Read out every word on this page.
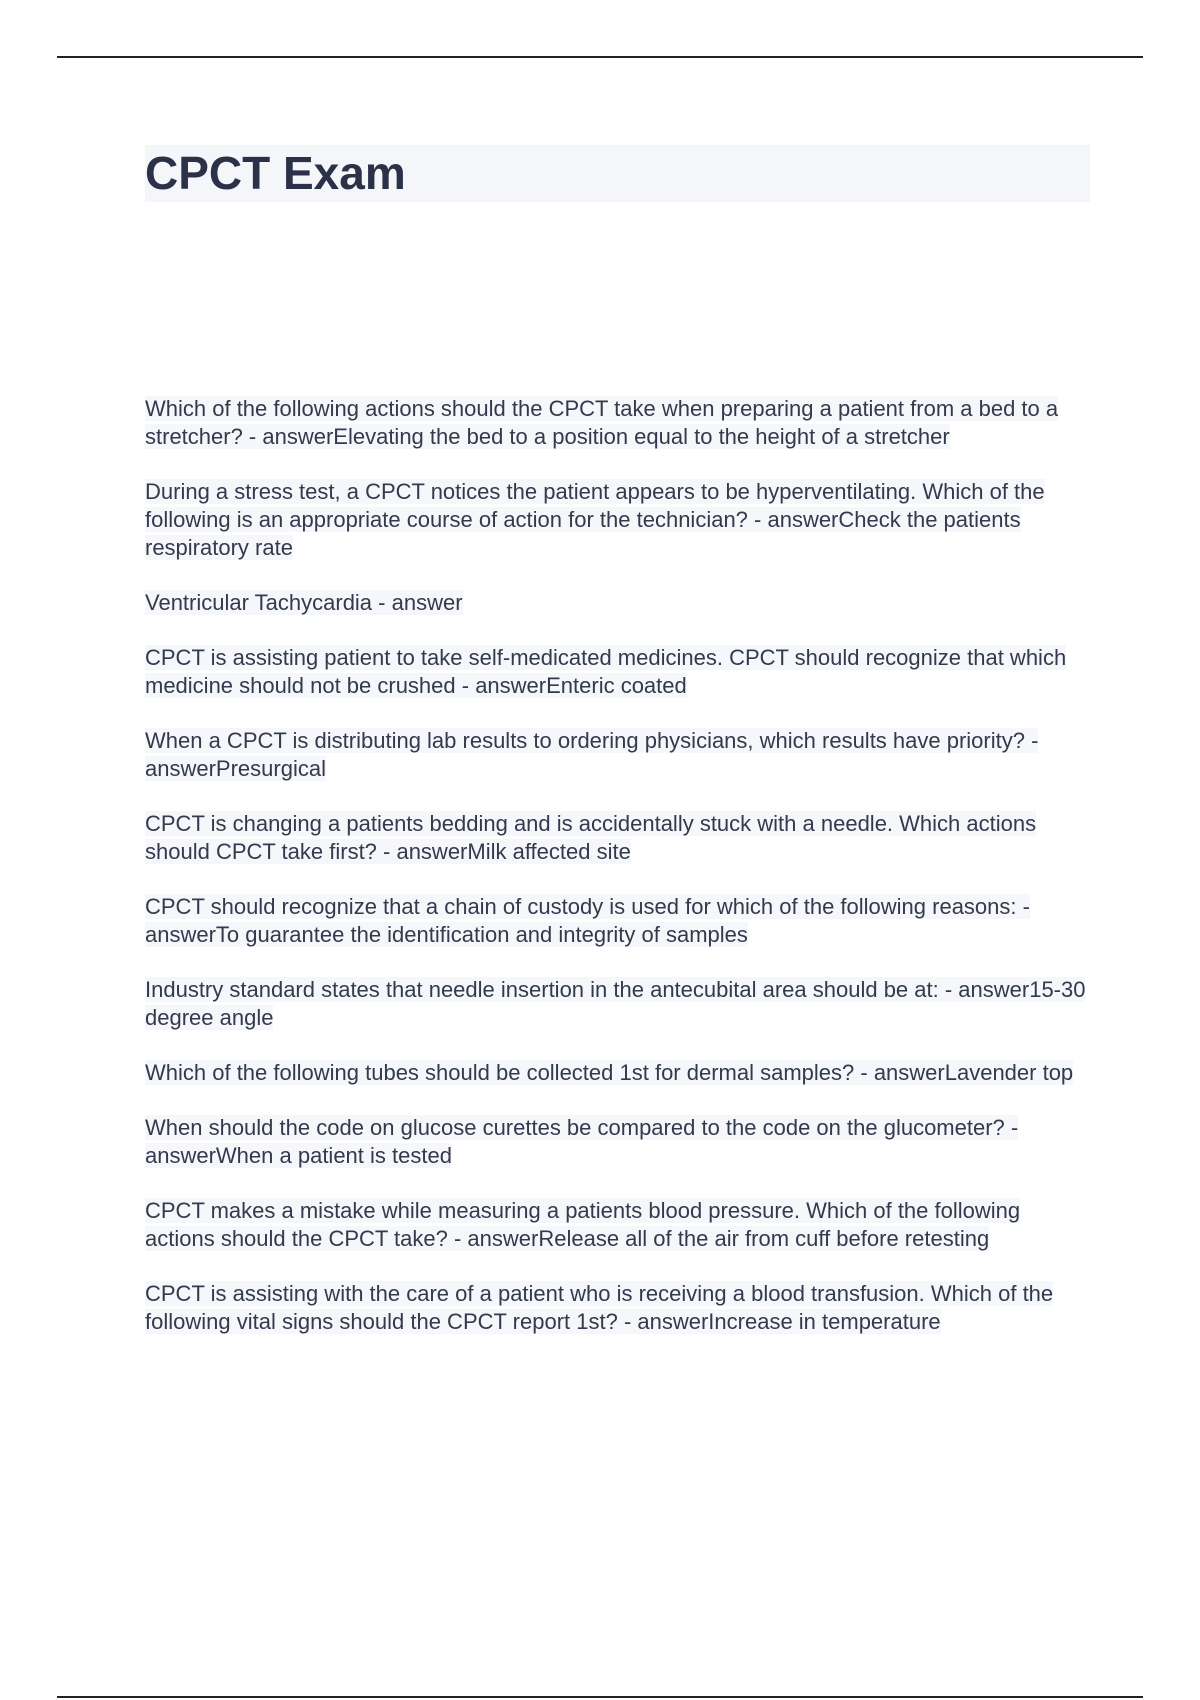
CPCT Exam
Which of the following actions should the CPCT take when preparing a patient from a bed to a stretcher? - answerElevating the bed to a position equal to the height of a stretcher
During a stress test, a CPCT notices the patient appears to be hyperventilating. Which of the following is an appropriate course of action for the technician? - answerCheck the patients respiratory rate
Ventricular Tachycardia - answer
CPCT is assisting patient to take self-medicated medicines. CPCT should recognize that which medicine should not be crushed - answerEnteric coated
When a CPCT is distributing lab results to ordering physicians, which results have priority? - answerPresurgical
CPCT is changing a patients bedding and is accidentally stuck with a needle. Which actions should CPCT take first? - answerMilk affected site
CPCT should recognize that a chain of custody is used for which of the following reasons: - answerTo guarantee the identification and integrity of samples
Industry standard states that needle insertion in the antecubital area should be at: - answer15-30 degree angle
Which of the following tubes should be collected 1st for dermal samples? - answerLavender top
When should the code on glucose curettes be compared to the code on the glucometer? - answerWhen a patient is tested
CPCT makes a mistake while measuring a patients blood pressure. Which of the following actions should the CPCT take? - answerRelease all of the air from cuff before retesting
CPCT is assisting with the care of a patient who is receiving a blood transfusion. Which of the following vital signs should the CPCT report 1st? - answerIncrease in temperature
